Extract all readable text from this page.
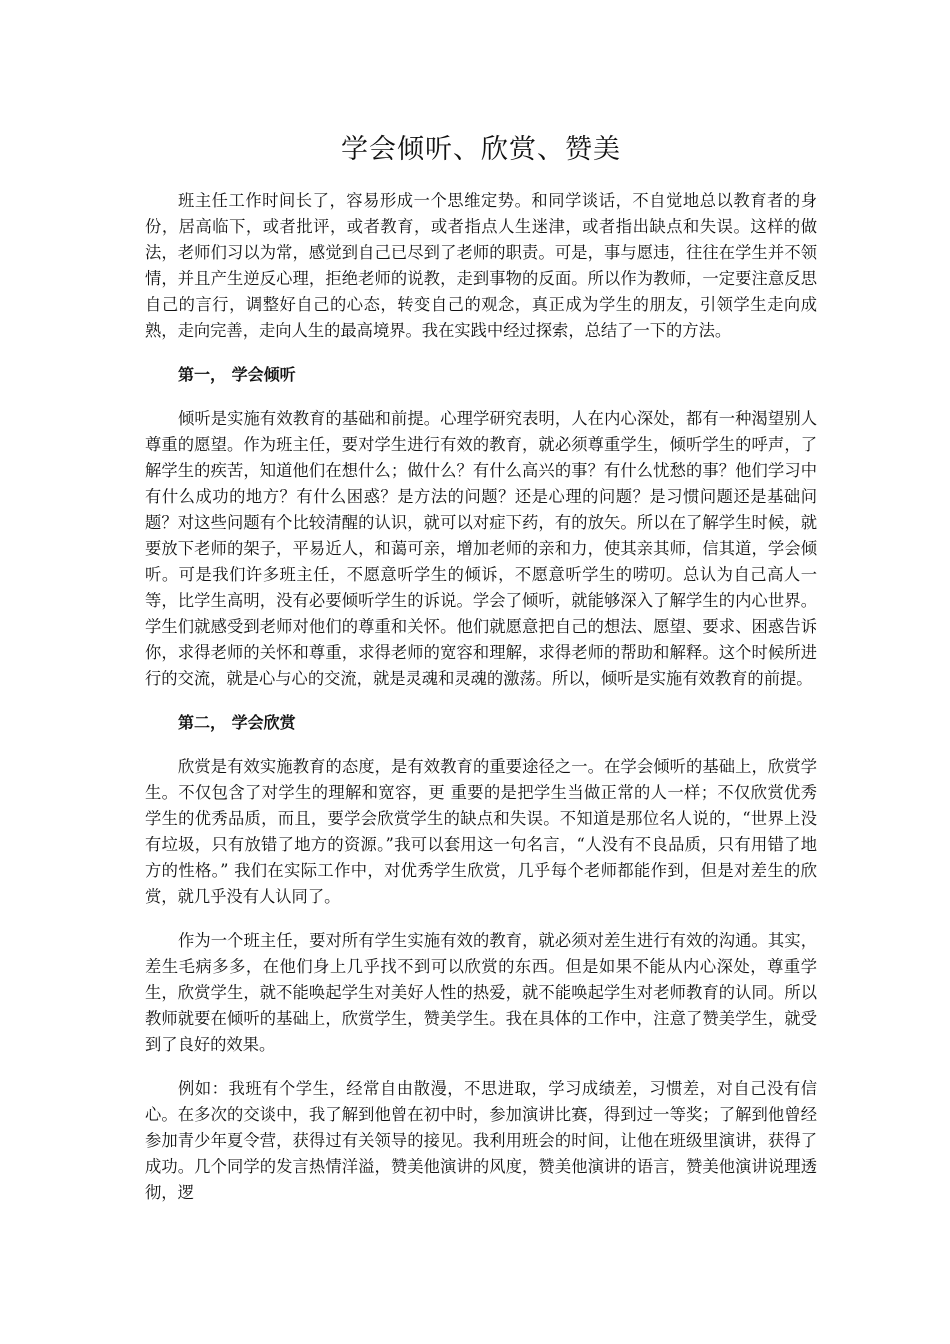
学会倾听、欣赏、赞美

班主任工作时间长了，容易形成一个思维定势。和同学谈话，不自觉地总以教育者的身份，居高临下，或者批评，或者教育，或者指点人生迷津，或者指出缺点和失误。这样的做法，老师们习以为常，感觉到自己已尽到了老师的职责。可是，事与愿违，往往在学生并不领情，并且产生逆反心理，拒绝老师的说教，走到事物的反面。所以作为教师，一定要注意反思自己的言行，调整好自己的心态，转变自己的观念，真正成为学生的朋友，引领学生走向成熟，走向完善，走向人生的最高境界。我在实践中经过探索，总结了一下的方法。

第一， 学会倾听

倾听是实施有效教育的基础和前提。心理学研究表明，人在内心深处，都有一种渴望别人尊重的愿望。作为班主任，要对学生进行有效的教育，就必须尊重学生，倾听学生的呼声，了解学生的疾苦，知道他们在想什么；做什么？有什么高兴的事？有什么忧愁的事？他们学习中有什么成功的地方？有什么困惑？是方法的问题？还是心理的问题？是习惯问题还是基础问题？对这些问题有个比较清醒的认识，就可以对症下药，有的放矢。所以在了解学生时候，就要放下老师的架子，平易近人，和蔼可亲，增加老师的亲和力，使其亲其师，信其道，学会倾听。可是我们许多班主任，不愿意听学生的倾诉，不愿意听学生的唠叨。总认为自己高人一等，比学生高明，没有必要倾听学生的诉说。学会了倾听，就能够深入了解学生的内心世界。学生们就感受到老师对他们的尊重和关怀。他们就愿意把自己的想法、愿望、要求、困惑告诉你，求得老师的关怀和尊重，求得老师的宽容和理解，求得老师的帮助和解释。这个时候所进行的交流，就是心与心的交流，就是灵魂和灵魂的激荡。所以，倾听是实施有效教育的前提。

第二， 学会欣赏

欣赏是有效实施教育的态度，是有效教育的重要途径之一。在学会倾听的基础上，欣赏学生。不仅包含了对学生的理解和宽容，更 重要的是把学生当做正常的人一样；不仅欣赏优秀学生的优秀品质，而且，要学会欣赏学生的缺点和失误。不知道是那位名人说的，“世界上没有垃圾，只有放错了地方的资源。”我可以套用这一句名言，“人没有不良品质，只有用错了地方的性格。” 我们在实际工作中，对优秀学生欣赏，几乎每个老师都能作到，但是对差生的欣赏，就几乎没有人认同了。

作为一个班主任，要对所有学生实施有效的教育，就必须对差生进行有效的沟通。其实，差生毛病多多，在他们身上几乎找不到可以欣赏的东西。但是如果不能从内心深处，尊重学生，欣赏学生，就不能唤起学生对美好人性的热爱，就不能唤起学生对老师教育的认同。所以教师就要在倾听的基础上，欣赏学生，赞美学生。我在具体的工作中，注意了赞美学生，就受到了良好的效果。

例如：我班有个学生，经常自由散漫，不思进取，学习成绩差，习惯差，对自己没有信心。在多次的交谈中，我了解到他曾在初中时，参加演讲比赛，得到过一等奖；了解到他曾经参加青少年夏令营，获得过有关领导的接见。我利用班会的时间，让他在班级里演讲，获得了成功。几个同学的发言热情洋溢，赞美他演讲的风度，赞美他演讲的语言，赞美他演讲说理透彻，逻
